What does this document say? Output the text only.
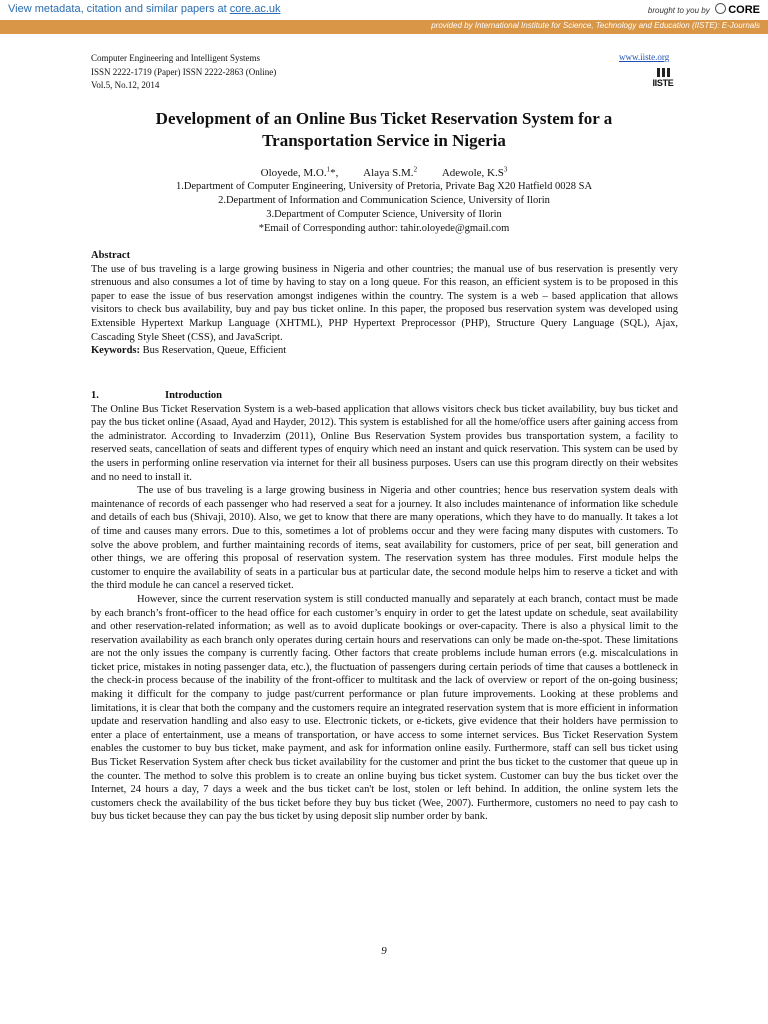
View metadata, citation and similar papers at core.ac.uk	brought to you by CORE
provided by International Institute for Science, Technology and Education (IISTE): E-Journals
Computer Engineering and Intelligent Systems
ISSN 2222-1719 (Paper) ISSN 2222-2863 (Online)
Vol.5, No.12, 2014
www.iiste.org
IISTE
Development of an Online Bus Ticket Reservation System for a
Transportation Service in Nigeria
Oloyede, M.O.$^1$*, Alaya S.M.$^2$ Adewole, $K.S^3$
1.Department of Computer Engineering, University of Pretoria, Private Bag X20 Hatfield 0028 SA
2.Department of Information and Communication Science, University of Ilorin
3.Department of Computer Science, University of Ilorin
*Email of Corresponding author: tahir.oloyede@gmail.com

Abstract

The use of bus traveling is a large growing business in Nigeria and other countries; the manual use of bus reservation is presently very strenuous and also consumes a lot of time by having to stay on a long queue. For this reason, an efficient system is to be proposed in this paper to ease the issue of bus reservation amongst indigenes within the country. The system is a web – based application that allows visitors to check bus availability, buy and pay bus ticket online. In this paper, the proposed bus reservation system was developed using Extensible Hypertext Markup Language (XHTML), PHP Hypertext Preprocessor (PHP), Structure Query Language (SQL), Ajax, Cascading Style Sheet (CSS), and JavaScript.

Keywords: Bus Reservation, Queue, Efficient

1.	Introduction

The Online Bus Ticket Reservation System is a web-based application that allows visitors check bus ticket availability, buy bus ticket and pay the bus ticket online (Asaad, Ayad and Hayder, 2012). This system is established for all the home/office users after gaining access from the administrator. According to Invaderzim (2011), Online Bus Reservation System provides bus transportation system, a facility to reserved seats, cancellation of seats and different types of enquiry which need an instant and quick reservation. This system can be used by the users in performing online reservation via internet for their all business purposes. Users can use this program directly on their websites and no need to install it.

The use of bus traveling is a large growing business in Nigeria and other countries; hence bus reservation system deals with maintenance of records of each passenger who had reserved a seat for a journey. It also includes maintenance of information like schedule and details of each bus (Shivaji, 2010). Also, we get to know that there are many operations, which they have to do manually. It takes a lot of time and causes many errors. Due to this, sometimes a lot of problems occur and they were facing many disputes with customers. To solve the above problem, and further maintaining records of items, seat availability for customers, price of per seat, bill generation and other things, we are offering this proposal of reservation system. The reservation system has three modules. First module helps the customer to enquire the availability of seats in a particular bus at particular date, the second module helps him to reserve a ticket and with the third module he can cancel a reserved ticket.

However, since the current reservation system is still conducted manually and separately at each branch, contact must be made by each branch’s front-officer to the head office for each customer’s enquiry in order to get the latest update on schedule, seat availability and other reservation-related information; as well as to avoid duplicate bookings or over-capacity. There is also a physical limit to the reservation availability as each branch only operates during certain hours and reservations can only be made on-the-spot. These limitations are not the only issues the company is currently facing. Other factors that create problems include human errors (e.g. miscalculations in ticket price, mistakes in noting passenger data, etc.), the fluctuation of passengers during certain periods of time that causes a bottleneck in the check-in process because of the inability of the front-officer to multitask and the lack of overview or report of the on-going business; making it difficult for the company to judge past/current performance or plan future improvements. Looking at these problems and limitations, it is clear that both the company and the customers require an integrated reservation system that is more efficient in information update and reservation handling and also easy to use. Electronic tickets, or e-tickets, give evidence that their holders have permission to enter a place of entertainment, use a means of transportation, or have access to some internet services. Bus Ticket Reservation System enables the customer to buy bus ticket, make payment, and ask for information online easily. Furthermore, staff can sell bus ticket using Bus Ticket Reservation System after check bus ticket availability for the customer and print the bus ticket to the customer that queue up in the counter. The method to solve this problem is to create an online buying bus ticket system. Customer can buy the bus ticket over the Internet, 24 hours a day, 7 days a week and the bus ticket can't be lost, stolen or left behind. In addition, the online system lets the customers check the availability of the bus ticket before they buy bus ticket (Wee, 2007). Furthermore, customers no need to pay cash to buy bus ticket because they can pay the bus ticket by using deposit slip number order by bank.

9
